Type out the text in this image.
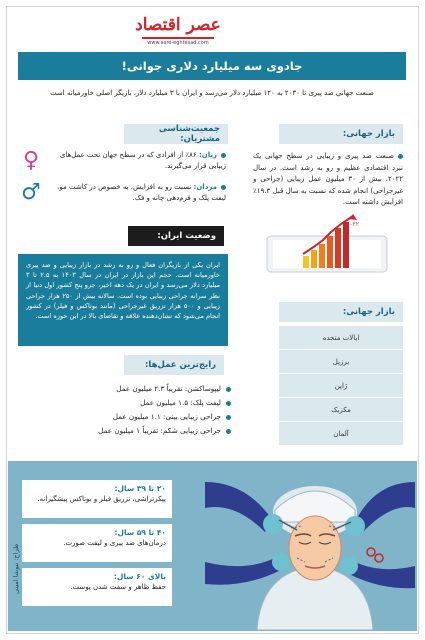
عصر اقتصاد
www.asre-eghtesad.com
جادوی سه میلیارد دلاری جوانی!
صنعت جهانی ضد پیری تا ۲۰۳۰ به ۱۲۰ میلیارد دلار می‌رسد و ایران با ۳ میلیارد دلار، بازیگر اصلی خاورمیانه است
بازار جهانی:
صنعت ضد پیری و زیبایی در سطح جهانی یک نبرد اقتصادی عظیم و رو به رشد است. در سال ۲۰۲۲، بیش از ۳۰ میلیون عمل زیبایی (جراحی و غیرجراحی) انجام شده که نسبت به سال قبل ۱۹.۳٪ افزایش داشته است.
۲۰۲۲
جمعیت‌شناسی مشتریان:
زنان: ۸۶٪ از افرادی که در سطح جهان تحت عمل‌های زیبایی قرار می‌گیرند.
♀
مردان: نسبت رو به افزایش، به خصوص در کاشت مو، لیفت پلک و فرم‌دهی چانه و فک.
♂
وضعیت ایران:
ایران یکی از بازیگران فعال و رو به رشد در بازار زیبایی و ضد پیری خاورمیانه است. حجم این بازار در ایران در سال ۱۴۰۳ به ۲.۵ تا ۳ میلیارد دلار می‌رسد و ایران در یک دهه اخیر، جزو پنج کشور اول دنیا از نظر سرانه جراحی زیبایی بوده است. سالانه بیش از ۲۵۰ هزار جراحی زیبایی و ۵۰۰ هزار تزریق غیرجراحی (مانند بوتاکس و فیلر) در کشور انجام می‌شود که نشان‌دهنده علاقه و تقاضای بالا در این حوزه است.	بازار جهانی:
ایالات متحده
برزیل
ژاپن
مکزیک
آلمان
رایج‌ترین عمل‌ها:
لیپوساکشن: تقریباً ۲.۳ میلیون عمل
لیفت پلک: ۱.۵ میلیون عمل
جراحی زیبایی بینی: ۱.۱ میلیون عمل
جراحی زیبایی شکم: تقریباً ۱ میلیون عمل
۲۰ تا ۳۹ سال:
پیکرتراشی، تزریق فیلر و بوتاکس پیشگیرانه.
۴۰ تا ۵۹ سال:
درمان‌های ضد پیری و لیفت صورت.
بالای ۶۰ سال:
حفظ ظاهر و سفت شدن پوست.
طراح: نیوشا امینی
